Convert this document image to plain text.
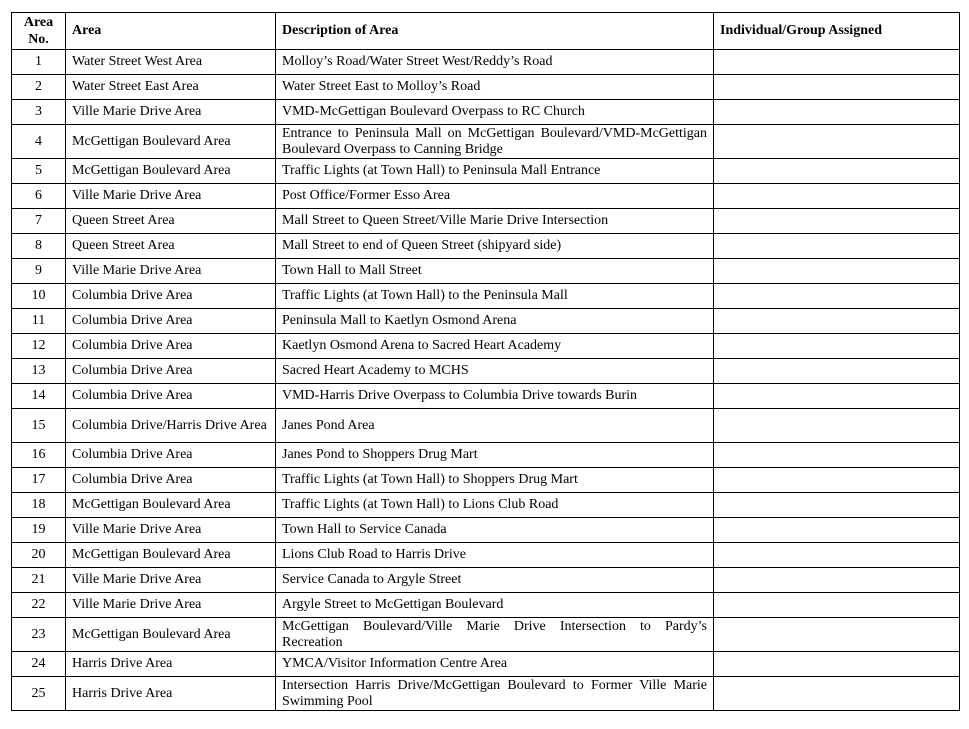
Area
No.	Area	Description of Area	Individual/Group Assigned
1	Water Street West Area	Molloy’s Road/Water Street West/Reddy’s Road	
2	Water Street East Area	Water Street East to Molloy’s Road	
3	Ville Marie Drive Area	VMD-McGettigan Boulevard Overpass to RC Church	
4	McGettigan Boulevard Area	Entrance to Peninsula Mall on McGettigan Boulevard/VMD-McGettigan Boulevard Overpass to Canning Bridge	
5	McGettigan Boulevard Area	Traffic Lights (at Town Hall) to Peninsula Mall Entrance	
6	Ville Marie Drive Area	Post Office/Former Esso Area	
7	Queen Street Area	Mall Street to Queen Street/Ville Marie Drive Intersection	
8	Queen Street Area	Mall Street to end of Queen Street (shipyard side)	
9	Ville Marie Drive Area	Town Hall to Mall Street	
10	Columbia Drive Area	Traffic Lights (at Town Hall) to the Peninsula Mall	
11	Columbia Drive Area	Peninsula Mall to Kaetlyn Osmond Arena	
12	Columbia Drive Area	Kaetlyn Osmond Arena to Sacred Heart Academy	
13	Columbia Drive Area	Sacred Heart Academy to MCHS	
14	Columbia Drive Area	VMD-Harris Drive Overpass to Columbia Drive towards Burin	
15	Columbia Drive/Harris Drive Area	Janes Pond Area	
16	Columbia Drive Area	Janes Pond to Shoppers Drug Mart	
17	Columbia Drive Area	Traffic Lights (at Town Hall) to Shoppers Drug Mart	
18	McGettigan Boulevard Area	Traffic Lights (at Town Hall) to Lions Club Road	
19	Ville Marie Drive Area	Town Hall to Service Canada	
20	McGettigan Boulevard Area	Lions Club Road to Harris Drive	
21	Ville Marie Drive Area	Service Canada to Argyle Street	
22	Ville Marie Drive Area	Argyle Street to McGettigan Boulevard	
23	McGettigan Boulevard Area	McGettigan Boulevard/Ville Marie Drive Intersection to Pardy’s Recreation	
24	Harris Drive Area	YMCA/Visitor Information Centre Area	
25	Harris Drive Area	Intersection Harris Drive/McGettigan Boulevard to Former Ville Marie Swimming Pool	
